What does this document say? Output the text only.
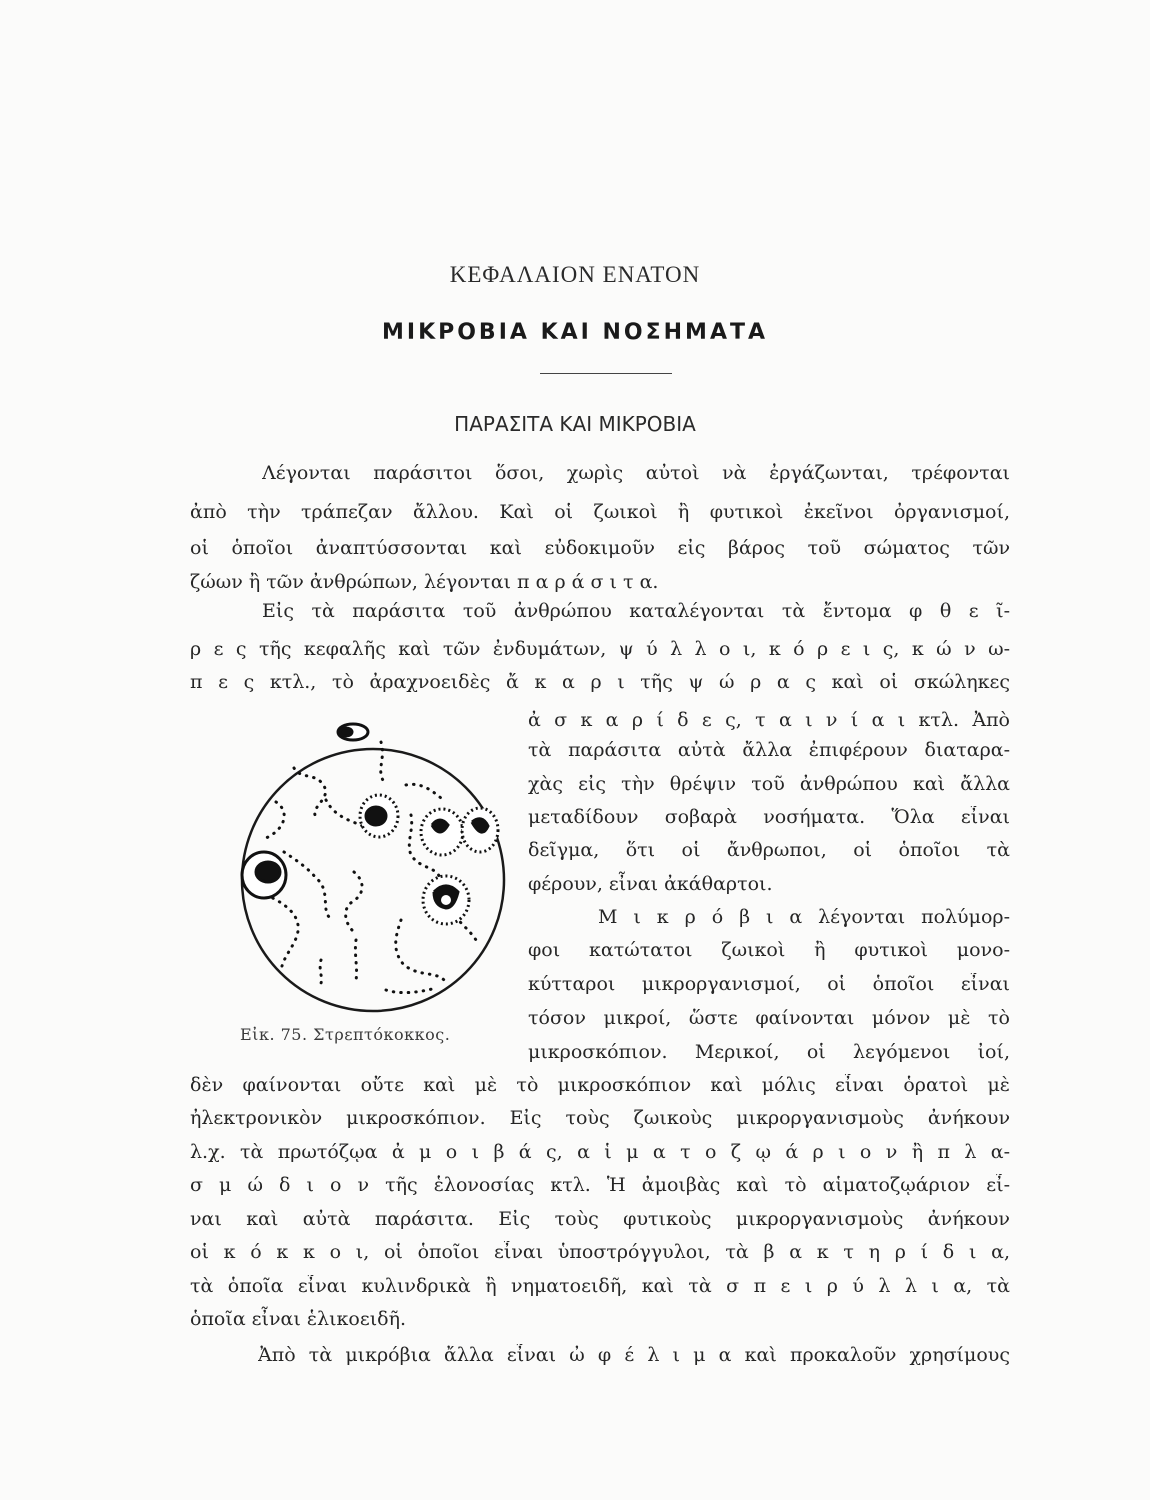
ΚΕΦΑΛΑΙΟΝ ΕΝΑΤΟΝ
ΜΙΚΡΟΒΙΑ ΚΑΙ ΝΟΣΗΜΑΤΑ
ΠΑΡΑΣΙΤΑ ΚΑΙ ΜΙΚΡΟΒΙΑ
Λέγονται παράσιτοι ὅσοι, χωρὶς αὐτοὶ νὰ ἐργάζωνται, τρέφονται
ἀπὸ τὴν τράπεζαν ἄλλου. Καὶ οἱ ζωικοὶ ἢ φυτικοὶ ἐκεῖνοι ὀργανισμοί,
οἱ ὁποῖοι ἀναπτύσσονται καὶ εὐδοκιμοῦν εἰς βάρος τοῦ σώματος τῶν
ζώων ἢ τῶν ἀνθρώπων, λέγονται π α ρ ά σ ι τ α.
Εἰς τὰ παράσιτα τοῦ ἀνθρώπου καταλέγονται τὰ ἔντομα φ θ ε ῖ-
ρ ε ς τῆς κεφαλῆς καὶ τῶν ἐνδυμάτων, ψ ύ λ λ ο ι, κ ό ρ ε ι ς, κ ώ ν ω-
π ε ς κτλ., τὸ ἀραχνοειδὲς ἄ κ α ρ ι τῆς ψ ώ ρ α ς καὶ οἱ σκώληκες
ἀ σ κ α ρ ί δ ε ς, τ α ι ν ί α ι κτλ. Ἀπὸ
τὰ παράσιτα αὐτὰ ἄλλα ἐπιφέρουν διαταρα-
χὰς εἰς τὴν θρέψιν τοῦ ἀνθρώπου καὶ ἄλλα
μεταδίδουν σοβαρὰ νοσήματα. Ὅλα εἶναι
δεῖγμα, ὅτι οἱ ἄνθρωποι, οἱ ὁποῖοι τὰ
φέρουν, εἶναι ἀκάθαρτοι.
Μ ι κ ρ ό β ι α λέγονται πολύμορ-
φοι κατώτατοι ζωικοὶ ἢ φυτικοὶ μονο-
κύτταροι μικροργανισμοί, οἱ ὁποῖοι εἶναι
τόσον μικροί, ὥστε φαίνονται μόνον μὲ τὸ
μικροσκόπιον. Μερικοί, οἱ λεγόμενοι ἰοί,
δὲν φαίνονται οὔτε καὶ μὲ τὸ μικροσκόπιον καὶ μόλις εἶναι ὁρατοὶ μὲ
ἠλεκτρονικὸν μικροσκόπιον. Εἰς τοὺς ζωικοὺς μικροργανισμοὺς ἀνήκουν
λ.χ. τὰ πρωτόζῳα ἀ μ ο ι β ά ς, α ἱ μ α τ ο ζ ῳ ά ρ ι ο ν ἢ π λ α-
σ μ ώ δ ι ο ν τῆς ἑλονοσίας κτλ. Ἡ ἀμοιβὰς καὶ τὸ αἱματοζῳάριον εἶ-
ναι καὶ αὐτὰ παράσιτα. Εἰς τοὺς φυτικοὺς μικροργανισμοὺς ἀνήκουν
οἱ κ ό κ κ ο ι, οἱ ὁποῖοι εἶναι ὑποστρόγγυλοι, τὰ β α κ τ η ρ ί δ ι α,
τὰ ὁποῖα εἶναι κυλινδρικὰ ἢ νηματοειδῆ, καὶ τὰ σ π ε ι ρ ύ λ λ ι α, τὰ
ὁποῖα εἶναι ἑλικοειδῆ.
Ἀπὸ τὰ μικρόβια ἄλλα εἶναι ὠ φ έ λ ι μ α καὶ προκαλοῦν χρησίμους
Εἰκ. 75. Στρεπτόκοκκος.
